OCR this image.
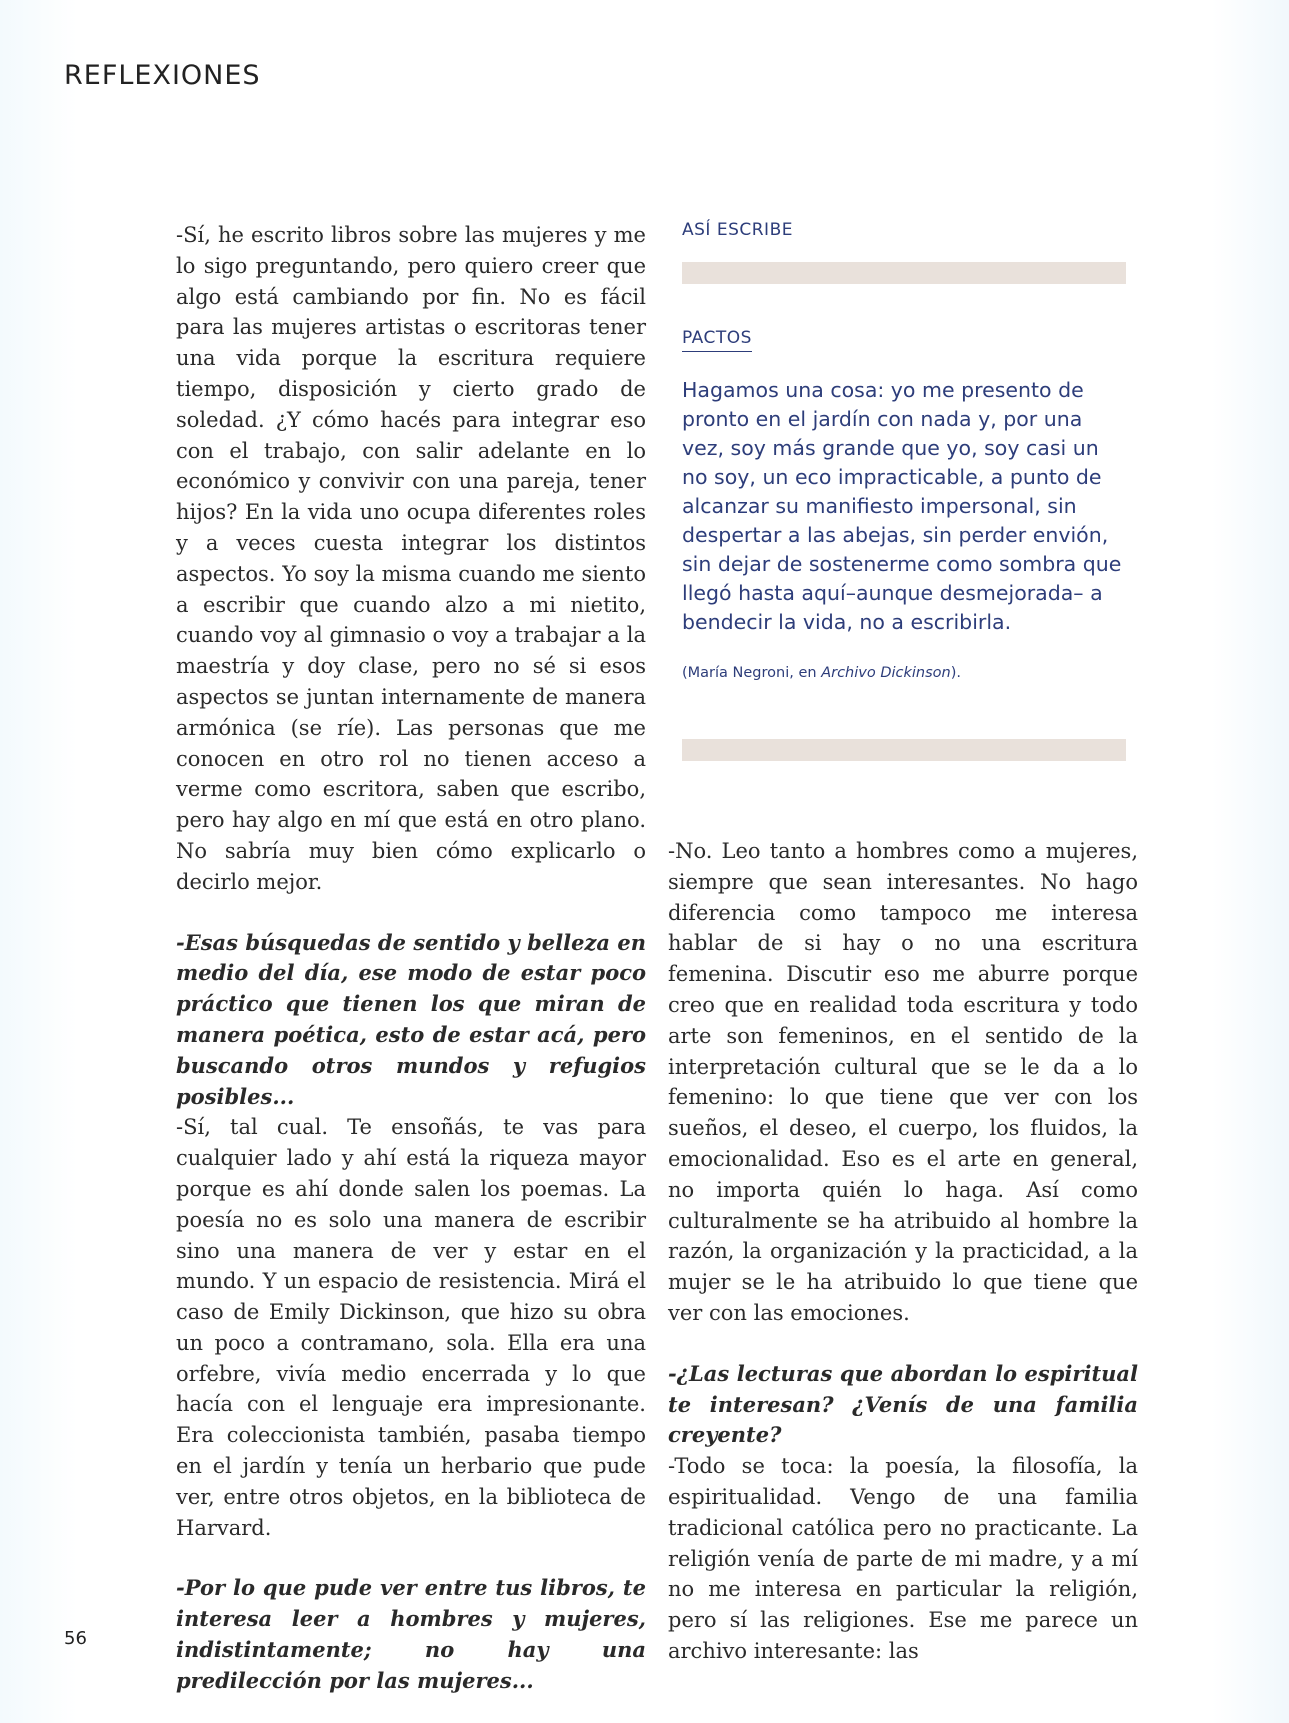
REFLEXIONES

-Sí, he escrito libros sobre las mujeres y me lo sigo preguntando, pero quiero creer que algo está cambiando por fin. No es fácil para las mujeres artistas o escritoras tener una vida porque la escritura requiere tiempo, disposición y cierto grado de soledad. ¿Y cómo hacés para integrar eso con el trabajo, con salir adelante en lo económico y convivir con una pareja, tener hijos? En la vida uno ocupa diferentes roles y a veces cuesta integrar los distintos aspectos. Yo soy la misma cuando me siento a escribir que cuando alzo a mi nietito, cuando voy al gimnasio o voy a trabajar a la maestría y doy clase, pero no sé si esos aspectos se juntan internamente de manera armónica (se ríe). Las personas que me conocen en otro rol no tienen acceso a verme como escritora, saben que escribo, pero hay algo en mí que está en otro plano. No sabría muy bien cómo explicarlo o decirlo mejor.

-Esas búsquedas de sentido y belleza en medio del día, ese modo de estar poco práctico que tienen los que miran de manera poética, esto de estar acá, pero buscando otros mundos y refugios posibles...

-Sí, tal cual. Te ensoñás, te vas para cualquier lado y ahí está la riqueza mayor porque es ahí donde salen los poemas. La poesía no es solo una manera de escribir sino una manera de ver y estar en el mundo. Y un espacio de resistencia. Mirá el caso de Emily Dickinson, que hizo su obra un poco a contramano, sola. Ella era una orfebre, vivía medio encerrada y lo que hacía con el lenguaje era impresionante. Era coleccionista también, pasaba tiempo en el jardín y tenía un herbario que pude ver, entre otros objetos, en la biblioteca de Harvard.

-Por lo que pude ver entre tus libros, te interesa leer a hombres y mujeres, indistintamente; no hay una predilección por las mujeres...

ASÍ ESCRIBE
PACTOS
Hagamos una cosa: yo me presento de pronto en el jardín con nada y, por una vez, soy más grande que yo, soy casi un no soy, un eco impracticable, a punto de alcanzar su manifiesto impersonal, sin despertar a las abejas, sin perder envión, sin dejar de sostenerme como sombra que llegó hasta aquí–aunque desmejorada– a bendecir la vida, no a escribirla.
(María Negroni, en Archivo Dickinson).

-No. Leo tanto a hombres como a mujeres, siempre que sean interesantes. No hago diferencia como tampoco me interesa hablar de si hay o no una escritura femenina. Discutir eso me aburre porque creo que en realidad toda escritura y todo arte son femeninos, en el sentido de la interpretación cultural que se le da a lo femenino: lo que tiene que ver con los sueños, el deseo, el cuerpo, los fluidos, la emocionalidad. Eso es el arte en general, no importa quién lo haga. Así como culturalmente se ha atribuido al hombre la razón, la organización y la practicidad, a la mujer se le ha atribuido lo que tiene que ver con las emociones.

-¿Las lecturas que abordan lo espiritual te interesan? ¿Venís de una familia creyente?

-Todo se toca: la poesía, la filosofía, la espiritualidad. Vengo de una familia tradicional católica pero no practicante. La religión venía de parte de mi madre, y a mí no me interesa en particular la religión, pero sí las religiones. Ese me parece un archivo interesante: las

56
